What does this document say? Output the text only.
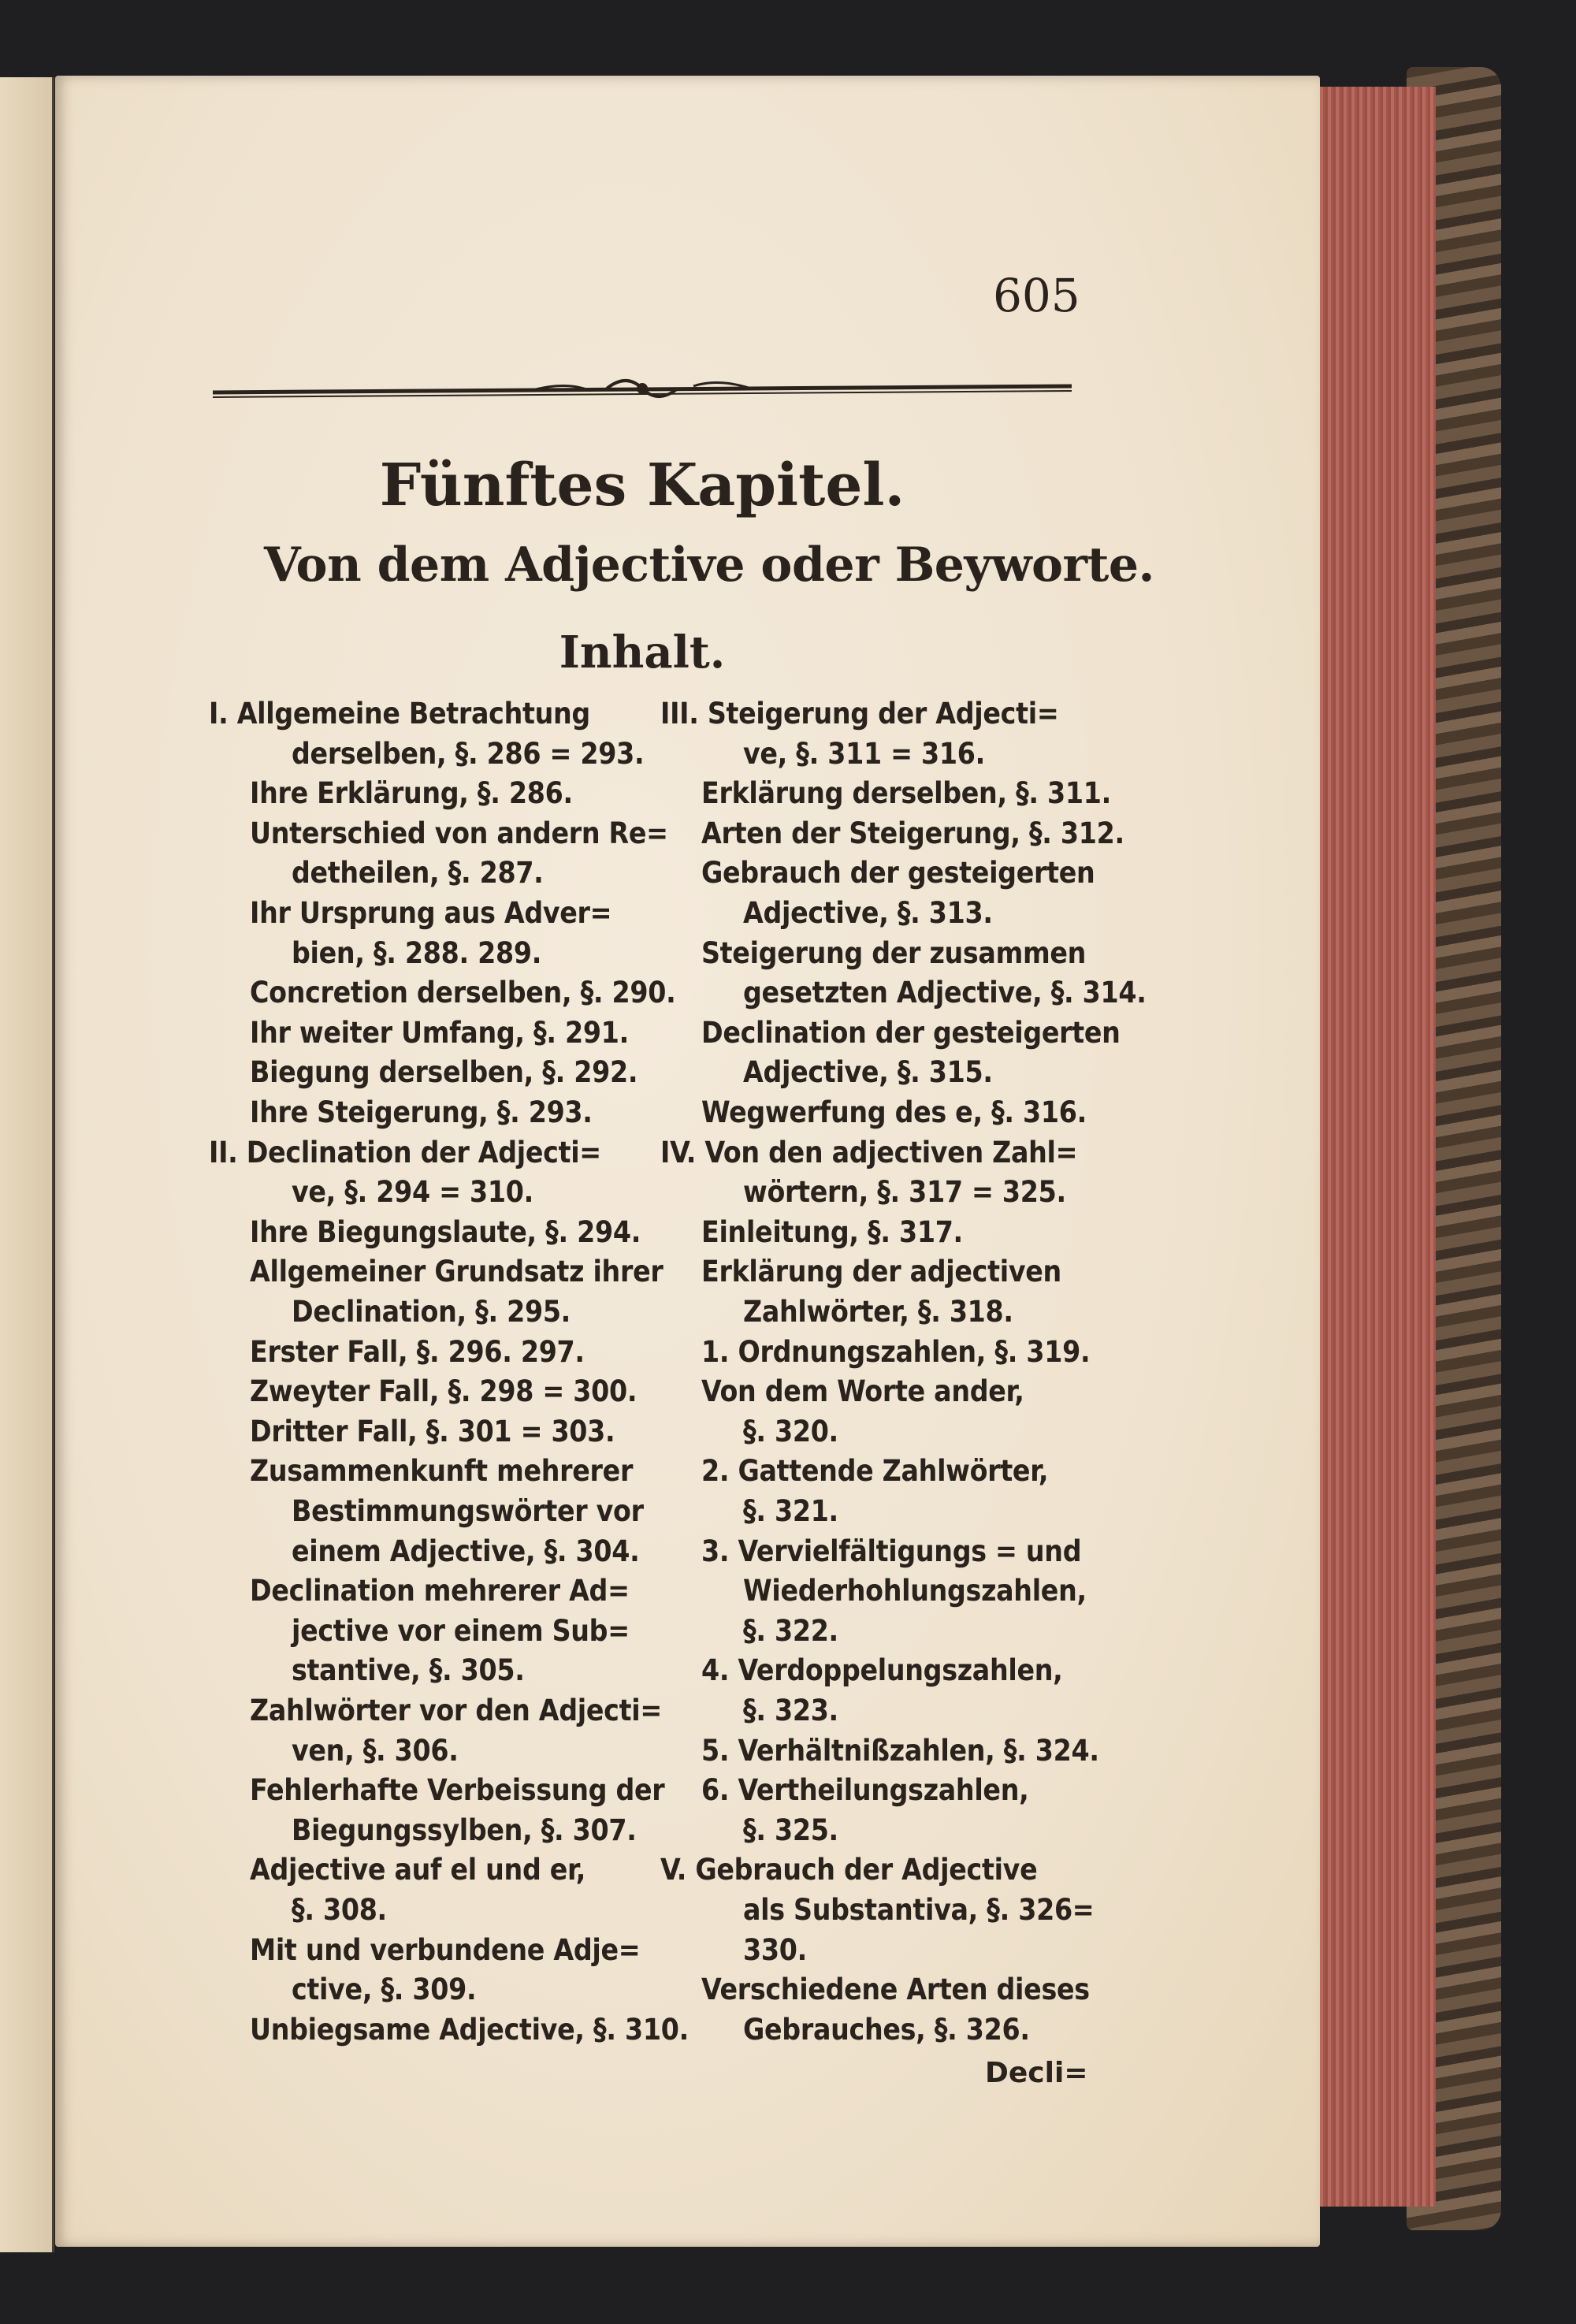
605
Fünftes Kapitel.
Von dem Adjective oder Beyworte.
Inhalt.
I. Allgemeine Betrachtung
derselben, §. 286 = 293.
Ihre Erklärung, §. 286.
Unterschied von andern Re=
detheilen, §. 287.
Ihr Ursprung aus Adver=
bien, §. 288. 289.
Concretion derselben, §. 290.
Ihr weiter Umfang, §. 291.
Biegung derselben, §. 292.
Ihre Steigerung, §. 293.
II. Declination der Adjecti=
ve, §. 294 = 310.
Ihre Biegungslaute, §. 294.
Allgemeiner Grundsatz ihrer
Declination, §. 295.
Erster Fall, §. 296. 297.
Zweyter Fall, §. 298 = 300.
Dritter Fall, §. 301 = 303.
Zusammenkunft mehrerer
Bestimmungswörter vor
einem Adjective, §. 304.
Declination mehrerer Ad=
jective vor einem Sub=
stantive, §. 305.
Zahlwörter vor den Adjecti=
ven, §. 306.
Fehlerhafte Verbeissung der
Biegungssylben, §. 307.
Adjective auf el und er,
§. 308.
Mit und verbundene Adje=
ctive, §. 309.
Unbiegsame Adjective, §. 310.
III. Steigerung der Adjecti=
ve, §. 311 = 316.
Erklärung derselben, §. 311.
Arten der Steigerung, §. 312.
Gebrauch der gesteigerten
Adjective, §. 313.
Steigerung der zusammen
gesetzten Adjective, §. 314.
Declination der gesteigerten
Adjective, §. 315.
Wegwerfung des e, §. 316.
IV. Von den adjectiven Zahl=
wörtern, §. 317 = 325.
Einleitung, §. 317.
Erklärung der adjectiven
Zahlwörter, §. 318.
1. Ordnungszahlen, §. 319.
Von dem Worte ander,
§. 320.
2. Gattende Zahlwörter,
§. 321.
3. Vervielfältigungs = und
Wiederhohlungszahlen,
§. 322.
4. Verdoppelungszahlen,
§. 323.
5. Verhältnißzahlen, §. 324.
6. Vertheilungszahlen,
§. 325.
V. Gebrauch der Adjective
als Substantiva, §. 326=
330.
Verschiedene Arten dieses
Gebrauches, §. 326.
Decli=
